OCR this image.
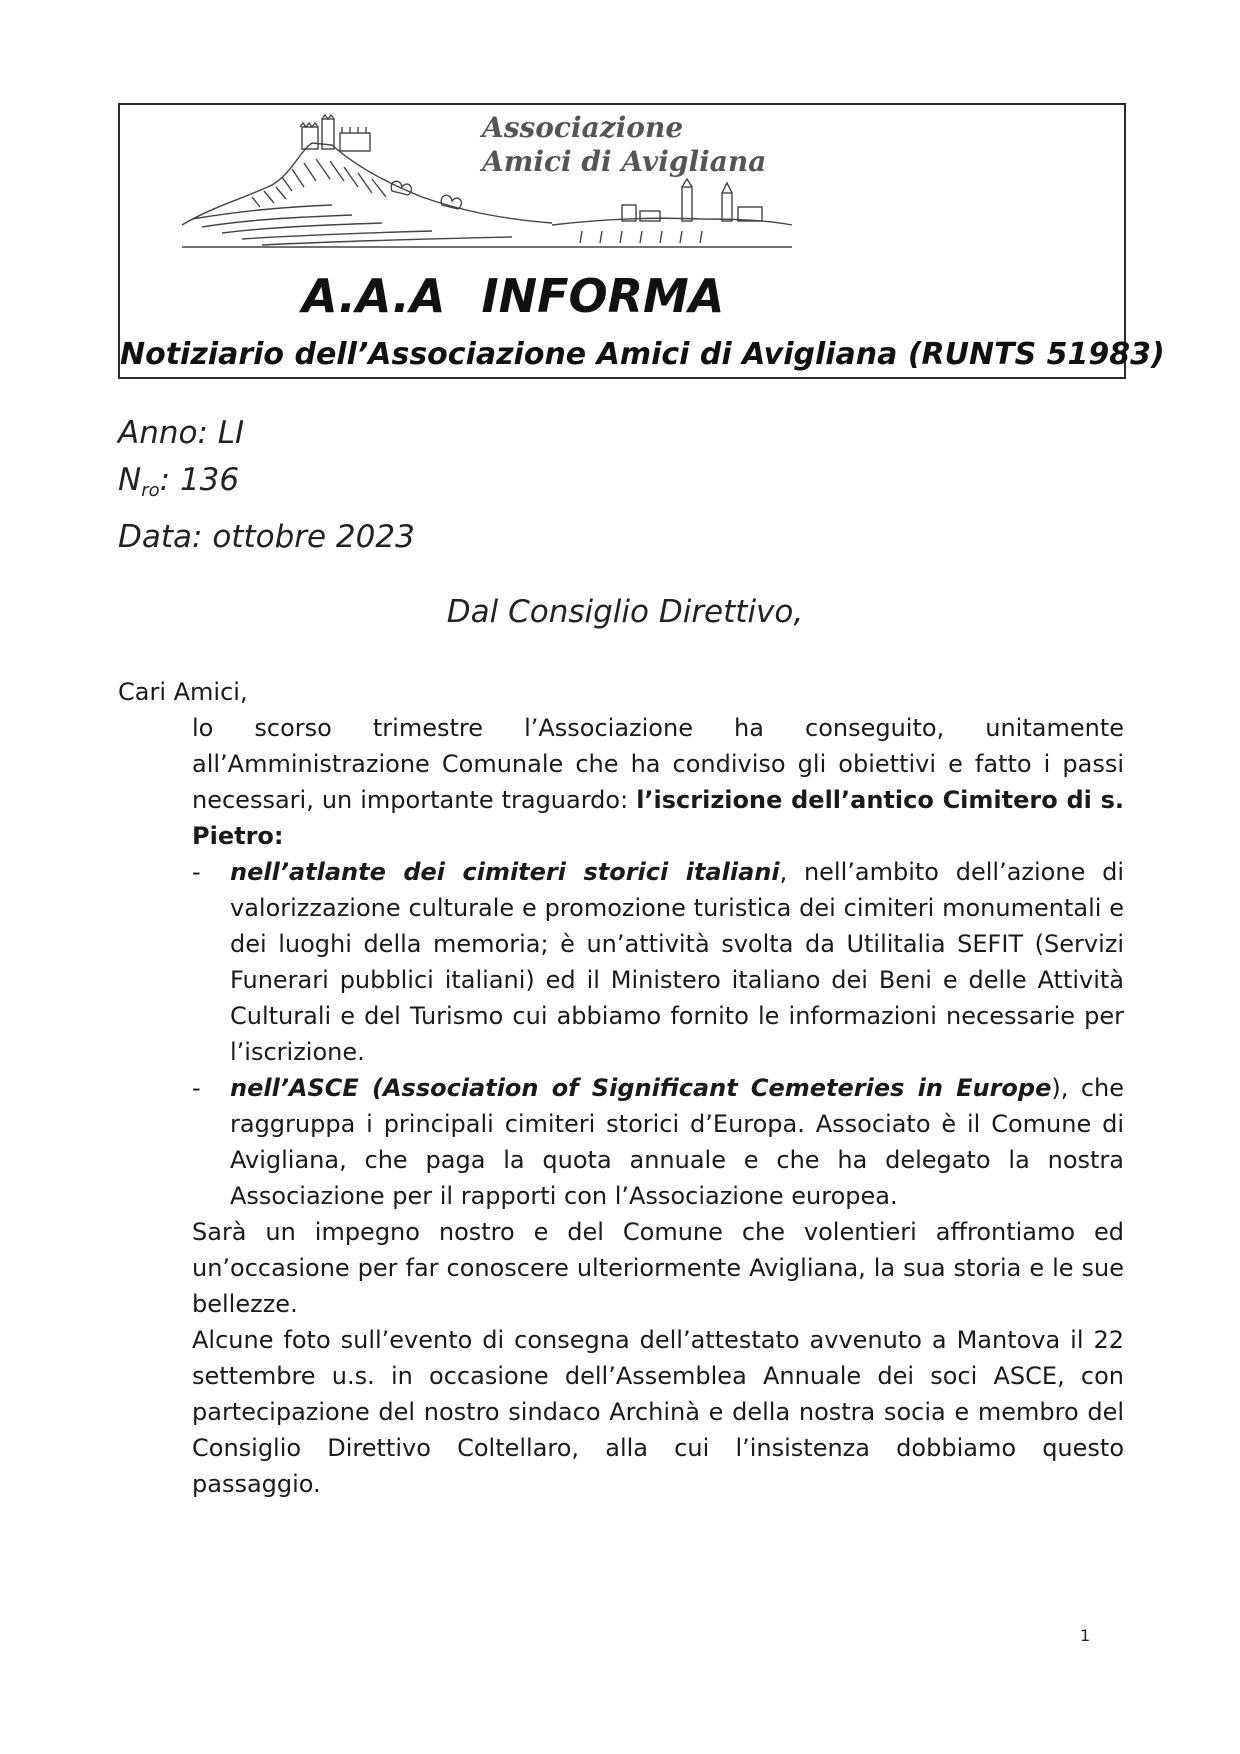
Associazione
Amici di Avigliana
A.A.A INFORMA
Notiziario dell’Associazione Amici di Avigliana (RUNTS 51983)
Anno: LI
$N_{ro}$: 136
Data: ottobre 2023
Dal Consiglio Direttivo,

Cari Amici,

lo scorso trimestre l’Associazione ha conseguito, unitamente all’Amministrazione Comunale che ha condiviso gli obiettivi e fatto i passi necessari, un importante traguardo: l’iscrizione dell’antico Cimitero di s. Pietro:

- nell’atlante dei cimiteri storici italiani, nell’ambito dell’azione di valorizzazione culturale e promozione turistica dei cimiteri monumentali e dei luoghi della memoria; è un’attività svolta da Utilitalia SEFIT (Servizi Funerari pubblici italiani) ed il Ministero italiano dei Beni e delle Attività Culturali e del Turismo cui abbiamo fornito le informazioni necessarie per l’iscrizione.
- nell’ASCE (Association of Significant Cemeteries in Europe), che raggruppa i principali cimiteri storici d’Europa. Associato è il Comune di Avigliana, che paga la quota annuale e che ha delegato la nostra Associazione per il rapporti con l’Associazione europea.

Sarà un impegno nostro e del Comune che volentieri affrontiamo ed un’occasione per far conoscere ulteriormente Avigliana, la sua storia e le sue bellezze.

Alcune foto sull’evento di consegna dell’attestato avvenuto a Mantova il 22 settembre u.s. in occasione dell’Assemblea Annuale dei soci ASCE, con partecipazione del nostro sindaco Archinà e della nostra socia e membro del Consiglio Direttivo Coltellaro, alla cui l’insistenza dobbiamo questo passaggio.

1
